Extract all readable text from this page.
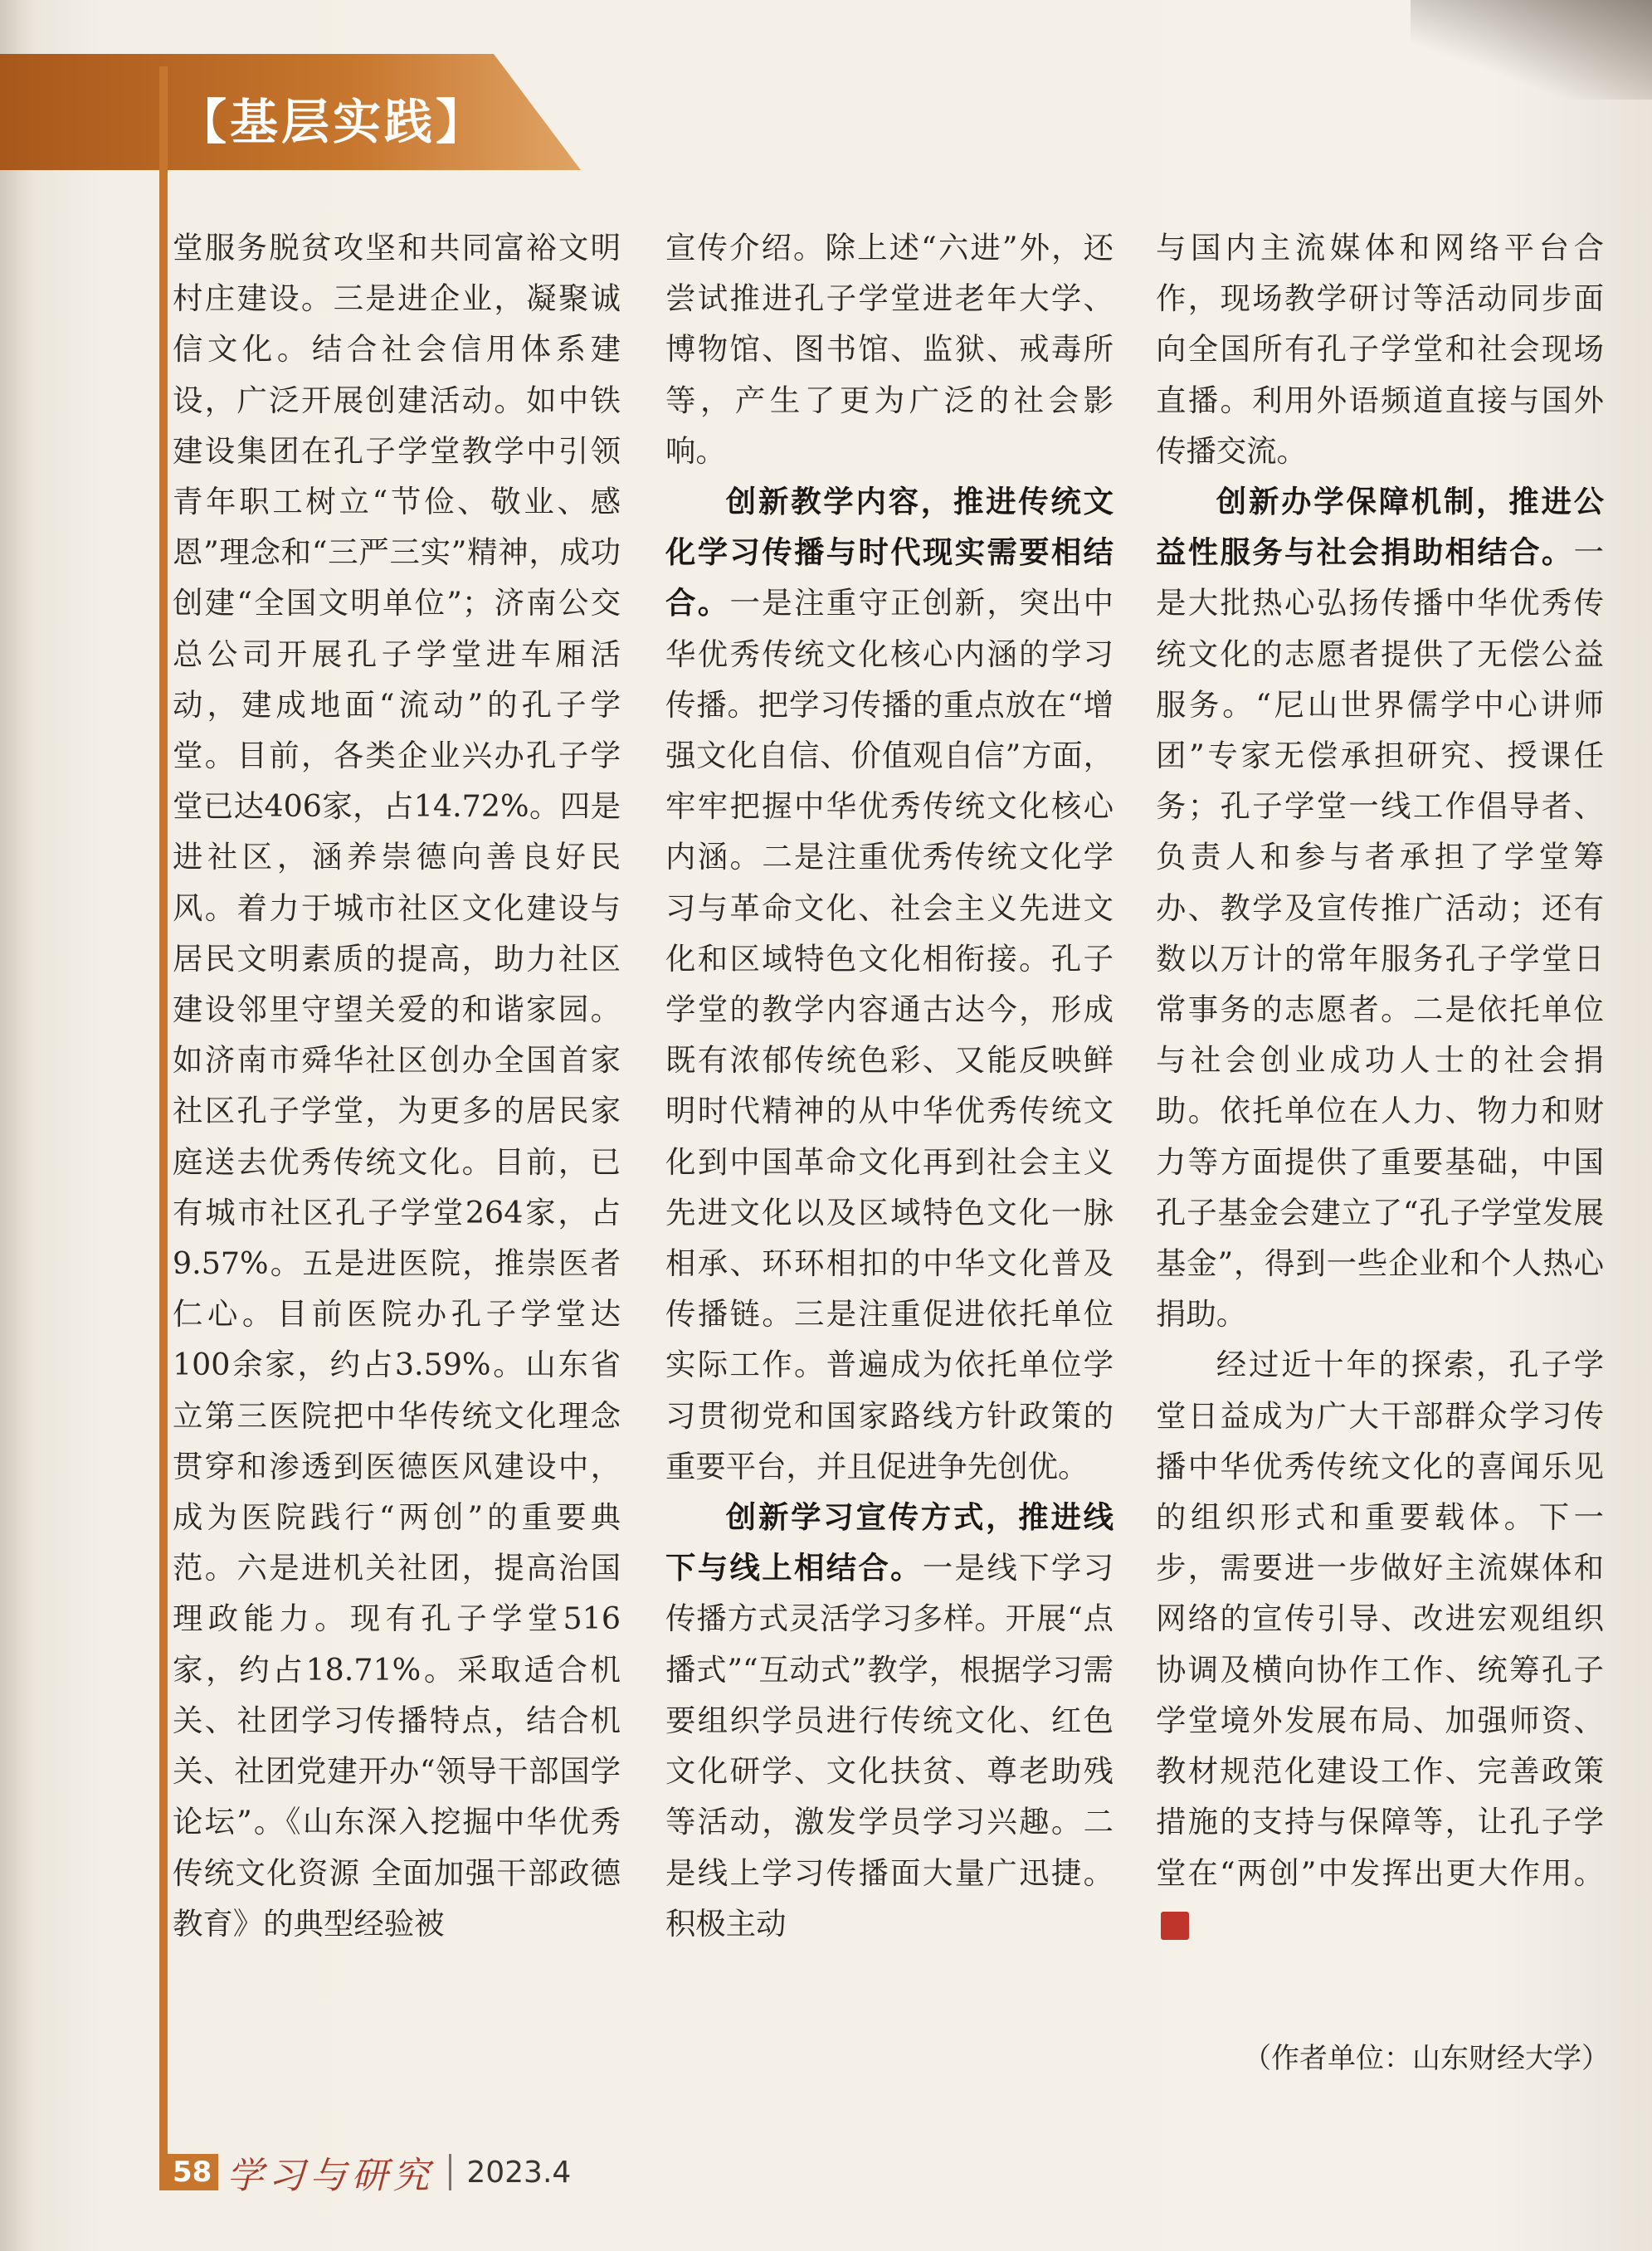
【基层实践】

堂服务脱贫攻坚和共同富裕文明村庄建设。三是进企业，凝聚诚信文化。结合社会信用体系建设，广泛开展创建活动。如中铁建设集团在孔子学堂教学中引领青年职工树立“节俭、敬业、感恩”理念和“三严三实”精神，成功创建“全国文明单位”；济南公交总公司开展孔子学堂进车厢活动，建成地面“流动”的孔子学堂。目前，各类企业兴办孔子学堂已达406家，占14.72%。四是进社区，涵养崇德向善良好民风。着力于城市社区文化建设与居民文明素质的提高，助力社区建设邻里守望关爱的和谐家园。如济南市舜华社区创办全国首家社区孔子学堂，为更多的居民家庭送去优秀传统文化。目前，已有城市社区孔子学堂264家，占9.57%。五是进医院，推崇医者仁心。目前医院办孔子学堂达100余家，约占3.59%。山东省立第三医院把中华传统文化理念贯穿和渗透到医德医风建设中，成为医院践行“两创”的重要典范。六是进机关社团，提高治国理政能力。现有孔子学堂516家，约占18.71%。采取适合机关、社团学习传播特点，结合机关、社团党建开办“领导干部国学论坛”。《山东深入挖掘中华优秀传统文化资源 全面加强干部政德教育》的典型经验被

宣传介绍。除上述“六进”外，还尝试推进孔子学堂进老年大学、博物馆、图书馆、监狱、戒毒所等，产生了更为广泛的社会影响。

创新教学内容，推进传统文化学习传播与时代现实需要相结合。一是注重守正创新，突出中华优秀传统文化核心内涵的学习传播。把学习传播的重点放在“增强文化自信、价值观自信”方面，牢牢把握中华优秀传统文化核心内涵。二是注重优秀传统文化学习与革命文化、社会主义先进文化和区域特色文化相衔接。孔子学堂的教学内容通古达今，形成既有浓郁传统色彩、又能反映鲜明时代精神的从中华优秀传统文化到中国革命文化再到社会主义先进文化以及区域特色文化一脉相承、环环相扣的中华文化普及传播链。三是注重促进依托单位实际工作。普遍成为依托单位学习贯彻党和国家路线方针政策的重要平台，并且促进争先创优。

创新学习宣传方式，推进线下与线上相结合。一是线下学习传播方式灵活学习多样。开展“点播式”“互动式”教学，根据学习需要组织学员进行传统文化、红色文化研学、文化扶贫、尊老助残等活动，激发学员学习兴趣。二是线上学习传播面大量广迅捷。积极主动

与国内主流媒体和网络平台合作，现场教学研讨等活动同步面向全国所有孔子学堂和社会现场直播。利用外语频道直接与国外传播交流。

创新办学保障机制，推进公益性服务与社会捐助相结合。一是大批热心弘扬传播中华优秀传统文化的志愿者提供了无偿公益服务。“尼山世界儒学中心讲师团”专家无偿承担研究、授课任务；孔子学堂一线工作倡导者、负责人和参与者承担了学堂筹办、教学及宣传推广活动；还有数以万计的常年服务孔子学堂日常事务的志愿者。二是依托单位与社会创业成功人士的社会捐助。依托单位在人力、物力和财力等方面提供了重要基础，中国孔子基金会建立了“孔子学堂发展基金”，得到一些企业和个人热心捐助。

经过近十年的探索，孔子学堂日益成为广大干部群众学习传播中华优秀传统文化的喜闻乐见的组织形式和重要载体。下一步，需要进一步做好主流媒体和网络的宣传引导、改进宏观组织协调及横向协作工作、统筹孔子学堂境外发展布局、加强师资、教材规范化建设工作、完善政策措施的支持与保障等，让孔子学堂在“两创”中发挥出更大作用。

（作者单位：山东财经大学）
58 学习与研究 2023.4
